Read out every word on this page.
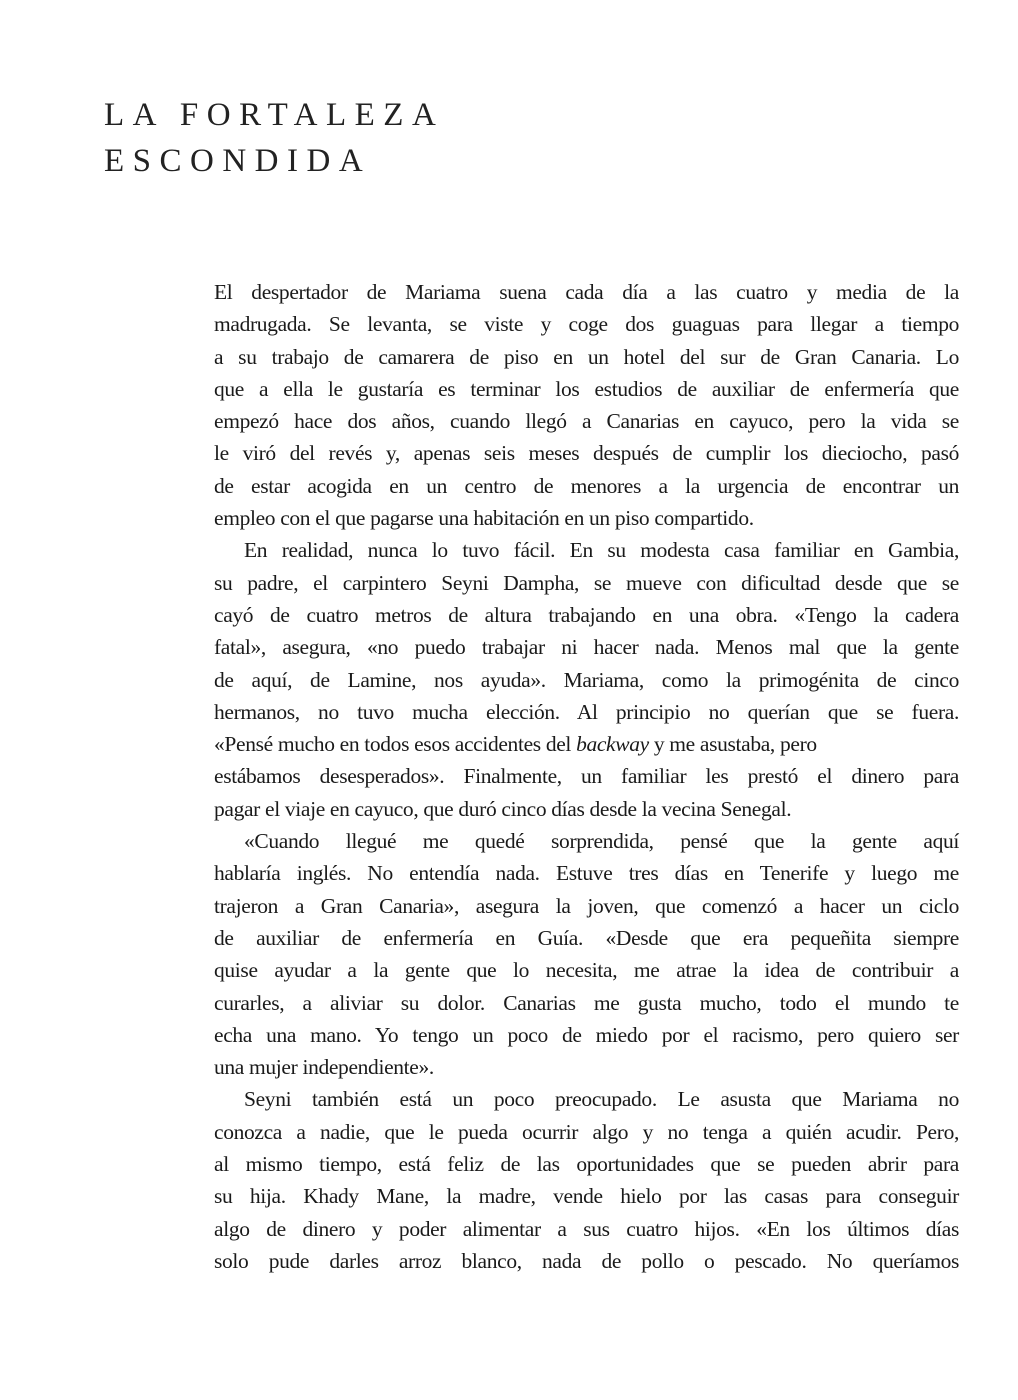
LA FORTALEZA
ESCONDIDA

El despertador de Mariama suena cada día a las cuatro y media de la
madrugada. Se levanta, se viste y coge dos guaguas para llegar a tiempo
a su trabajo de camarera de piso en un hotel del sur de Gran Canaria. Lo
que a ella le gustaría es terminar los estudios de auxiliar de enfermería que
empezó hace dos años, cuando llegó a Canarias en cayuco, pero la vida se
le viró del revés y, apenas seis meses después de cumplir los dieciocho, pasó
de estar acogida en un centro de menores a la urgencia de encontrar un
empleo con el que pagarse una habitación en un piso compartido.

En realidad, nunca lo tuvo fácil. En su modesta casa familiar en Gambia,
su padre, el carpintero Seyni Dampha, se mueve con dificultad desde que se
cayó de cuatro metros de altura trabajando en una obra. «Tengo la cadera
fatal», asegura, «no puedo trabajar ni hacer nada. Menos mal que la gente
de aquí, de Lamine, nos ayuda». Mariama, como la primogénita de cinco
hermanos, no tuvo mucha elección. Al principio no querían que se fuera.
«Pensé mucho en todos esos accidentes del backway y me asustaba, pero
estábamos desesperados». Finalmente, un familiar les prestó el dinero para
pagar el viaje en cayuco, que duró cinco días desde la vecina Senegal.

«Cuando llegué me quedé sorprendida, pensé que la gente aquí
hablaría inglés. No entendía nada. Estuve tres días en Tenerife y luego me
trajeron a Gran Canaria», asegura la joven, que comenzó a hacer un ciclo
de auxiliar de enfermería en Guía. «Desde que era pequeñita siempre
quise ayudar a la gente que lo necesita, me atrae la idea de contribuir a
curarles, a aliviar su dolor. Canarias me gusta mucho, todo el mundo te
echa una mano. Yo tengo un poco de miedo por el racismo, pero quiero ser
una mujer independiente».

Seyni también está un poco preocupado. Le asusta que Mariama no
conozca a nadie, que le pueda ocurrir algo y no tenga a quién acudir. Pero,
al mismo tiempo, está feliz de las oportunidades que se pueden abrir para
su hija. Khady Mane, la madre, vende hielo por las casas para conseguir
algo de dinero y poder alimentar a sus cuatro hijos. «En los últimos días
solo pude darles arroz blanco, nada de pollo o pescado. No queríamos
